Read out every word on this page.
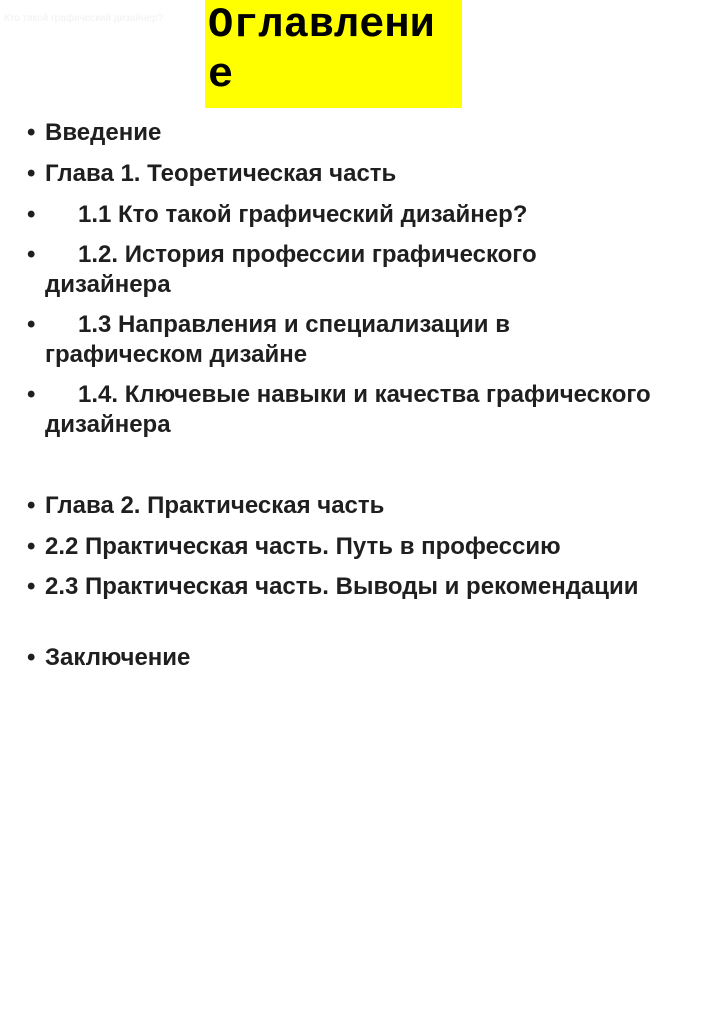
Кто такой графический дизайнер? Оглавление
• Введение
• Глава 1. Теоретическая часть
•	1.1 Кто такой графический дизайнер?
•	1.2. История профессии графического дизайнера
•	1.3 Направления и специализации в графическом дизайне
•	1.4. Ключевые навыки и качества графического дизайнера
• Глава 2. Практическая часть
• 2.2 Практическая часть. Путь в профессию
• 2.3 Практическая часть. Выводы и рекомендации
• Заключение
